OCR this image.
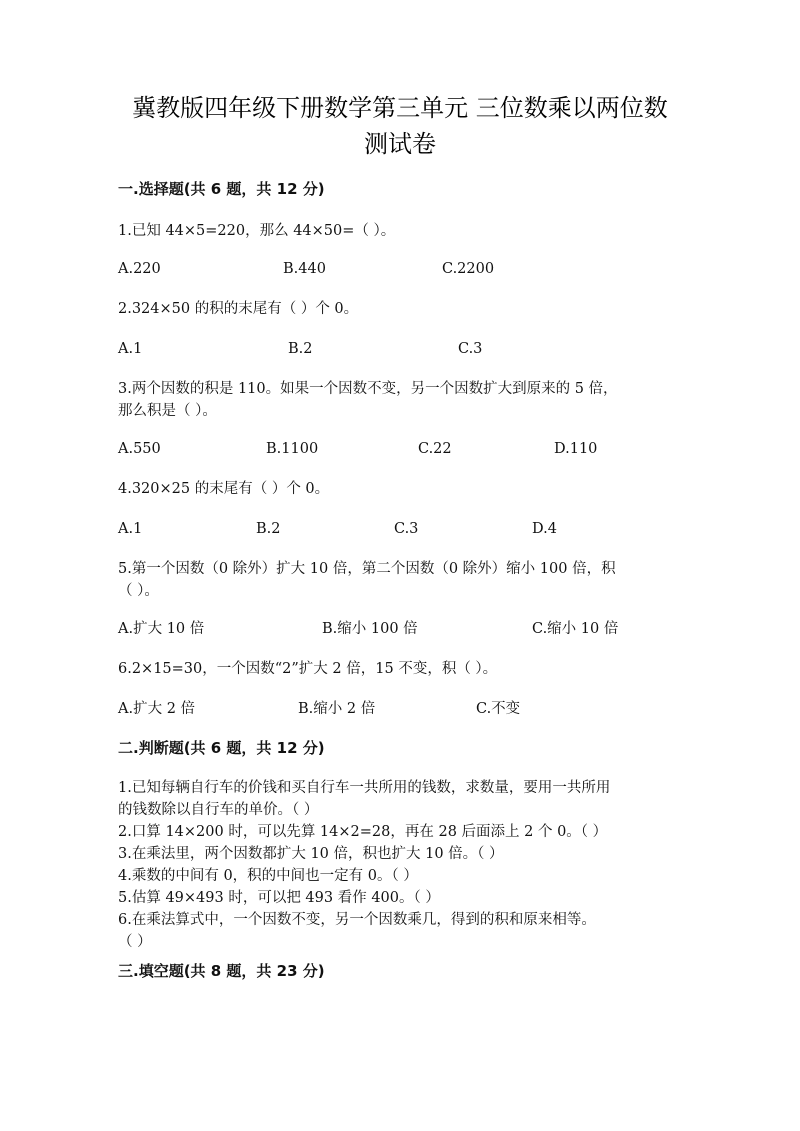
冀教版四年级下册数学第三单元 三位数乘以两位数
测试卷
一.选择题(共 6 题，共 12 分)
1.已知 44×5=220，那么 44×50=（ ）。
A.220	B.440	C.2200
2.324×50 的积的末尾有（ ）个 0。
A.1	B.2	C.3
3.两个因数的积是 110。如果一个因数不变，另一个因数扩大到原来的 5 倍，
那么积是（ ）。
A.550	B.1100	C.22	D.110
4.320×25 的末尾有（ ）个 0。
A.1	B.2	C.3	D.4
5.第一个因数（0 除外）扩大 10 倍，第二个因数（0 除外）缩小 100 倍，积
（ ）。
A.扩大 10 倍	B.缩小 100 倍	C.缩小 10 倍
6.2×15=30，一个因数“2”扩大 2 倍，15 不变，积（ ）。
A.扩大 2 倍	B.缩小 2 倍	C.不变
二.判断题(共 6 题，共 12 分)
1.已知每辆自行车的价钱和买自行车一共所用的钱数，求数量，要用一共所用
的钱数除以自行车的单价。（ ）
2.口算 14×200 时，可以先算 14×2=28，再在 28 后面添上 2 个 0。（ ）
3.在乘法里，两个因数都扩大 10 倍，积也扩大 10 倍。（ ）
4.乘数的中间有 0，积的中间也一定有 0。（ ）
5.估算 49×493 时，可以把 493 看作 400。（ ）
6.在乘法算式中，一个因数不变，另一个因数乘几，得到的积和原来相等。
（ ）
三.填空题(共 8 题，共 23 分)
